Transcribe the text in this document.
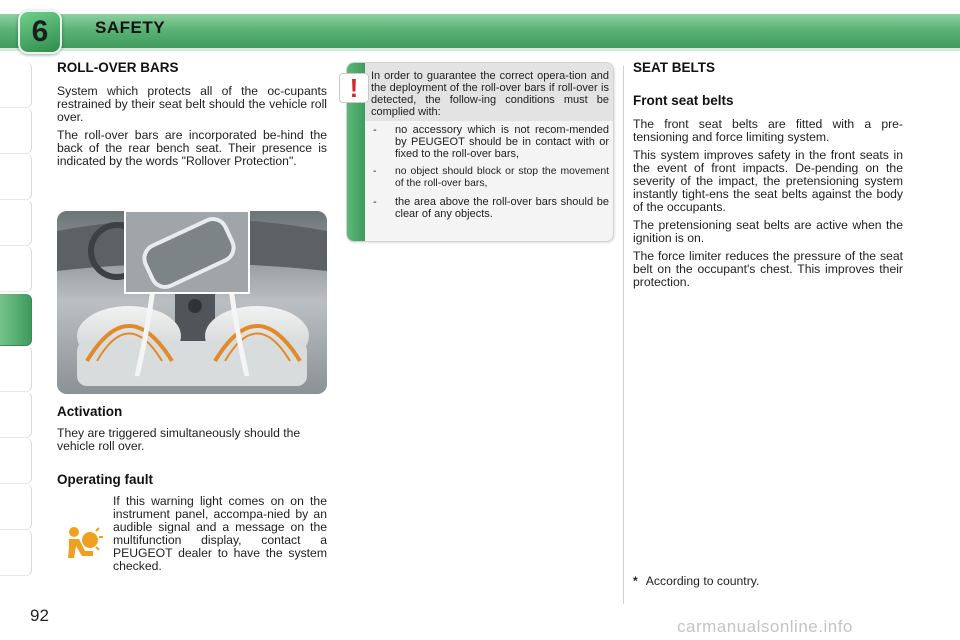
6	SAFETY
ROLL-OVER BARS

System which protects all of the oc-cupants restrained by their seat belt should the vehicle roll over.

The roll-over bars are incorporated be-hind the back of the rear bench seat. Their presence is indicated by the words "Rollover Protection".

Activation

They are triggered simultaneously should the vehicle roll over.

Operating fault

If this warning light comes on on the instrument panel, accompa-nied by an audible signal and a message on the multifunction display, contact a PEUGEOT dealer to have the system checked.

In order to guarantee the correct opera-tion and the deployment of the roll-over bars if roll-over is detected, the follow-ing conditions must be complied with:

- no accessory which is not recom-mended by PEUGEOT should be in contact with or fixed to the roll-over bars,
- no object should block or stop the movement of the roll-over bars,
- the area above the roll-over bars should be clear of any objects.
!
SEAT BELTS
Front seat belts

The front seat belts are fitted with a pre-tensioning and force limiting system.

This system improves safety in the front seats in the event of front impacts. De-pending on the severity of the impact, the pretensioning system instantly tight-ens the seat belts against the body of the occupants.

The pretensioning seat belts are active when the ignition is on.

The force limiter reduces the pressure of the seat belt on the occupant's chest. This improves their protection.

* According to country.
92
carmanualsonline.info
